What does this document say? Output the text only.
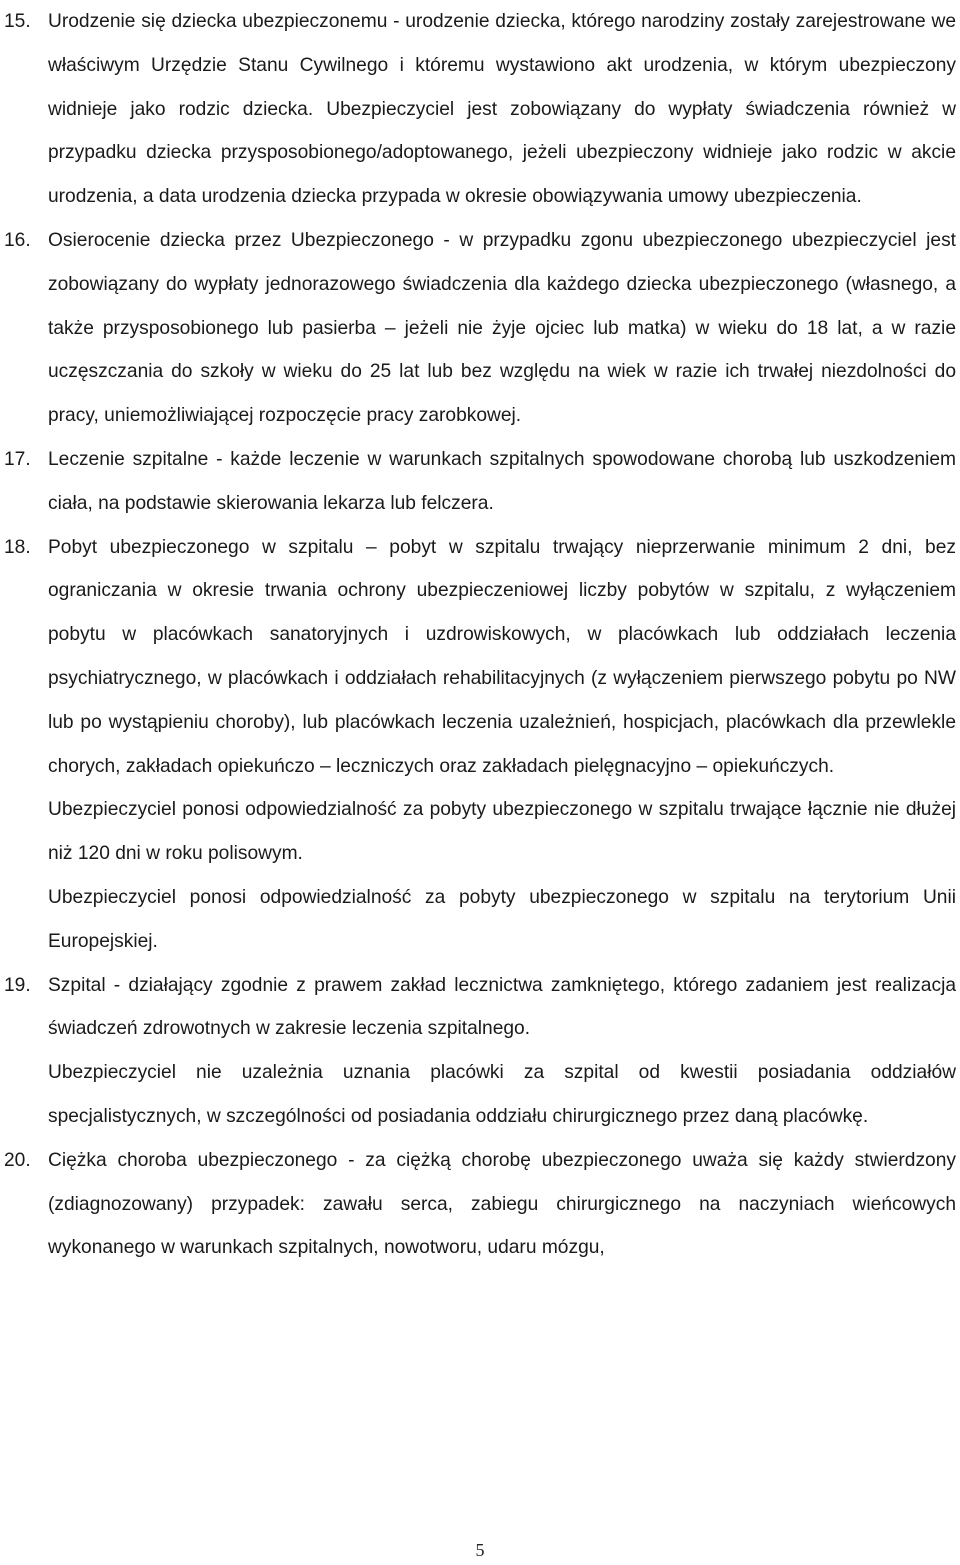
15. Urodzenie się dziecka ubezpieczonemu - urodzenie dziecka, którego narodziny zostały zarejestrowane we właściwym Urzędzie Stanu Cywilnego i któremu wystawiono akt urodzenia, w którym ubezpieczony widnieje jako rodzic dziecka. Ubezpieczyciel jest zobowiązany do wypłaty świadczenia również w przypadku dziecka przysposobionego/adoptowanego, jeżeli ubezpieczony widnieje jako rodzic w akcie urodzenia, a data urodzenia dziecka przypada w okresie obowiązywania umowy ubezpieczenia.
16. Osierocenie dziecka przez Ubezpieczonego - w przypadku zgonu ubezpieczonego ubezpieczyciel jest zobowiązany do wypłaty jednorazowego świadczenia dla każdego dziecka ubezpieczonego (własnego, a także przysposobionego lub pasierba – jeżeli nie żyje ojciec lub matka) w wieku do 18 lat, a w razie uczęszczania do szkoły w wieku do 25 lat lub bez względu na wiek w razie ich trwałej niezdolności do pracy, uniemożliwiającej rozpoczęcie pracy zarobkowej.
17. Leczenie szpitalne - każde leczenie w warunkach szpitalnych spowodowane chorobą lub uszkodzeniem ciała, na podstawie skierowania lekarza lub felczera.
18. Pobyt ubezpieczonego w szpitalu – pobyt w szpitalu trwający nieprzerwanie minimum 2 dni, bez ograniczania w okresie trwania ochrony ubezpieczeniowej liczby pobytów w szpitalu, z wyłączeniem pobytu w placówkach sanatoryjnych i uzdrowiskowych, w placówkach lub oddziałach leczenia psychiatrycznego, w placówkach i oddziałach rehabilitacyjnych (z wyłączeniem pierwszego pobytu po NW lub po wystąpieniu choroby), lub placówkach leczenia uzależnień, hospicjach, placówkach dla przewlekle chorych, zakładach opiekuńczo – leczniczych oraz zakładach pielęgnacyjno – opiekuńczych.
Ubezpieczyciel ponosi odpowiedzialność za pobyty ubezpieczonego w szpitalu trwające łącznie nie dłużej niż 120 dni w roku polisowym.
Ubezpieczyciel ponosi odpowiedzialność za pobyty ubezpieczonego w szpitalu na terytorium Unii Europejskiej.
19. Szpital - działający zgodnie z prawem zakład lecznictwa zamkniętego, którego zadaniem jest realizacja świadczeń zdrowotnych w zakresie leczenia szpitalnego.
Ubezpieczyciel nie uzależnia uznania placówki za szpital od kwestii posiadania oddziałów specjalistycznych, w szczególności od posiadania oddziału chirurgicznego przez daną placówkę.
20. Ciężka choroba ubezpieczonego - za ciężką chorobę ubezpieczonego uważa się każdy stwierdzony (zdiagnozowany) przypadek: zawału serca, zabiegu chirurgicznego na naczyniach wieńcowych wykonanego w warunkach szpitalnych, nowotworu, udaru mózgu,
5
